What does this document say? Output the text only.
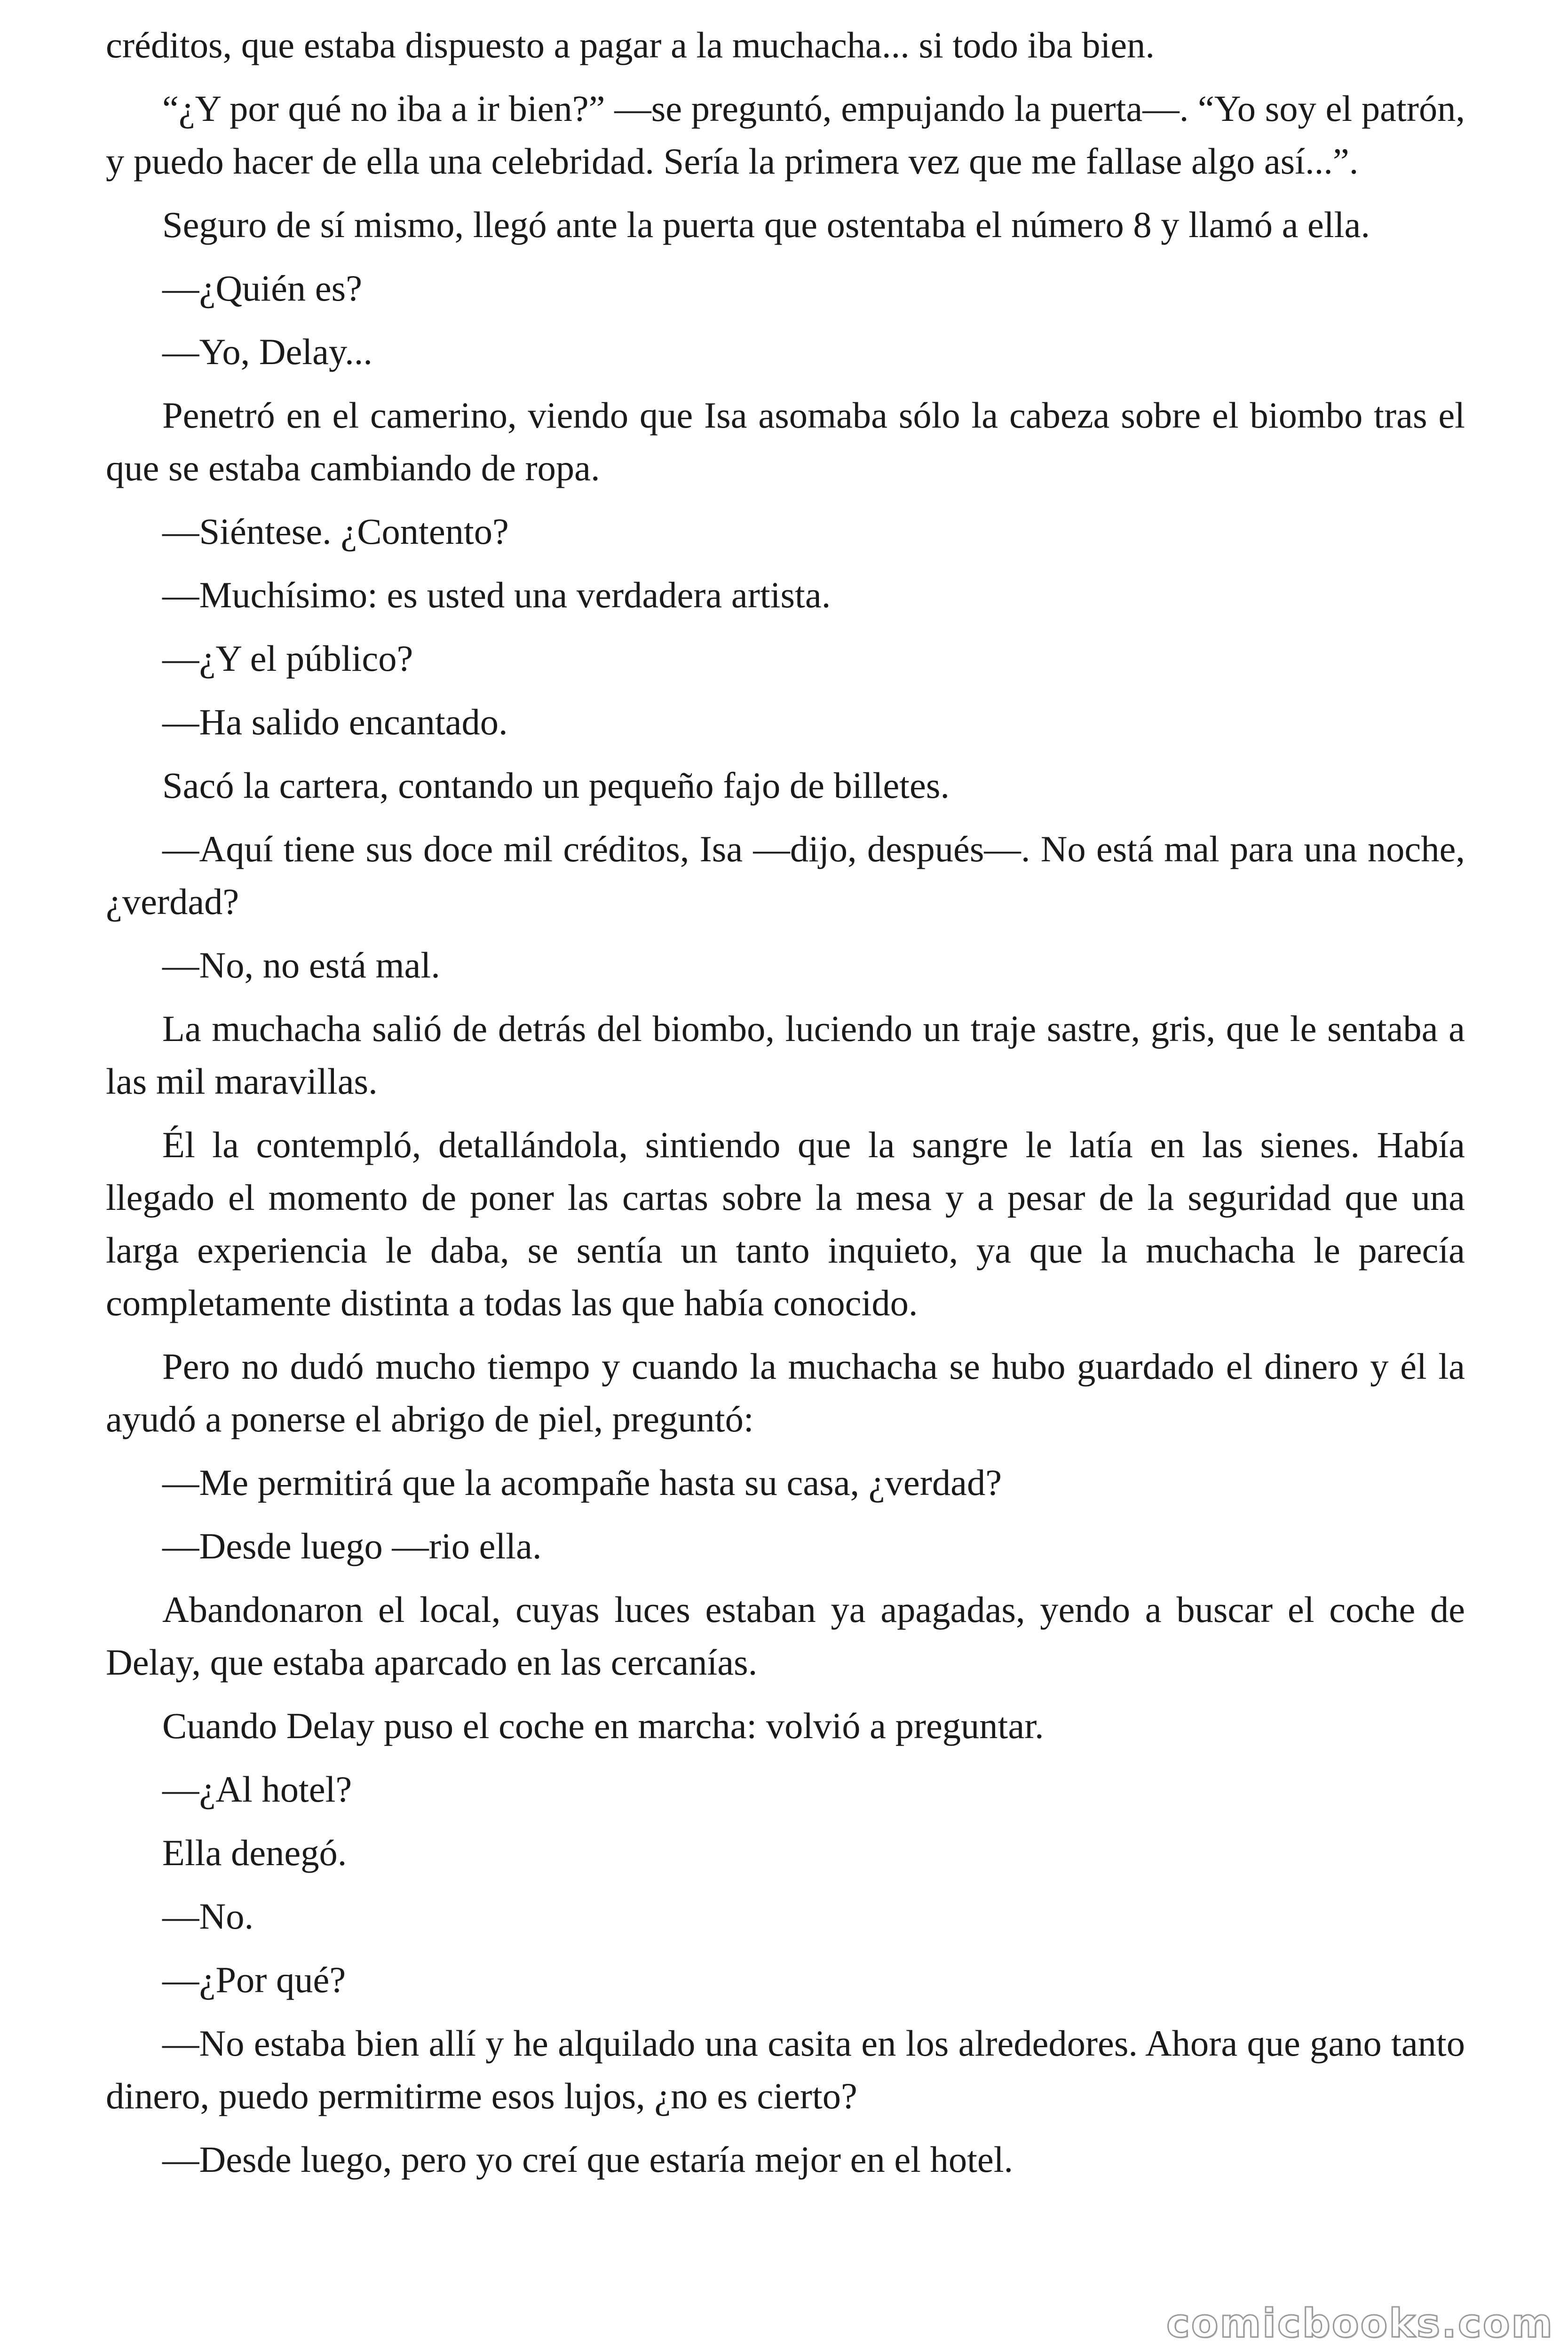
créditos, que estaba dispuesto a pagar a la muchacha... si todo iba bien.

“¿Y por qué no iba a ir bien?” —se preguntó, empujando la puerta—. “Yo soy el patrón, y puedo hacer de ella una celebridad. Sería la primera vez que me fallase algo así...”.

Seguro de sí mismo, llegó ante la puerta que ostentaba el número 8 y llamó a ella.

—¿Quién es?

—Yo, Delay...

Penetró en el camerino, viendo que Isa asomaba sólo la cabeza sobre el biombo tras el que se estaba cambiando de ropa.

—Siéntese. ¿Contento?

—Muchísimo: es usted una verdadera artista.

—¿Y el público?

—Ha salido encantado.

Sacó la cartera, contando un pequeño fajo de billetes.

—Aquí tiene sus doce mil créditos, Isa —dijo, después—. No está mal para una noche, ¿verdad?

—No, no está mal.

La muchacha salió de detrás del biombo, luciendo un traje sastre, gris, que le sentaba a las mil maravillas.

Él la contempló, detallándola, sintiendo que la sangre le latía en las sienes. Había llegado el momento de poner las cartas sobre la mesa y a pesar de la seguridad que una larga experiencia le daba, se sentía un tanto inquieto, ya que la muchacha le parecía completamente distinta a todas las que había conocido.

Pero no dudó mucho tiempo y cuando la muchacha se hubo guardado el dinero y él la ayudó a ponerse el abrigo de piel, preguntó:

—Me permitirá que la acompañe hasta su casa, ¿verdad?

—Desde luego —rio ella.

Abandonaron el local, cuyas luces estaban ya apagadas, yendo a buscar el coche de Delay, que estaba aparcado en las cercanías.

Cuando Delay puso el coche en marcha: volvió a preguntar.

—¿Al hotel?

Ella denegó.

—No.

—¿Por qué?

—No estaba bien allí y he alquilado una casita en los alrededores. Ahora que gano tanto dinero, puedo permitirme esos lujos, ¿no es cierto?

—Desde luego, pero yo creí que estaría mejor en el hotel.

comicbooks.com
